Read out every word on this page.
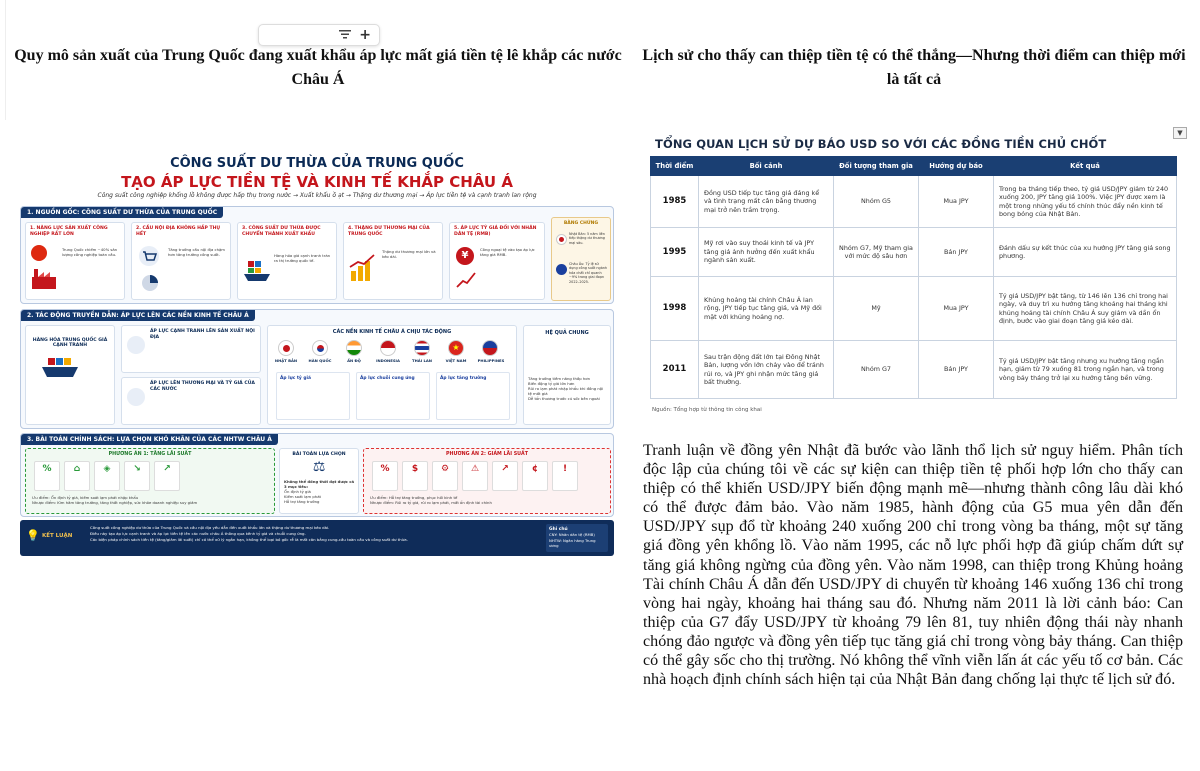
+
Quy mô sản xuất của Trung Quốc đang xuất khẩu áp lực mất giá tiền tệ lê khắp các nước Châu Á
Lịch sử cho thấy can thiệp tiền tệ có thể thắng—Nhưng thời điểm can thiệp mới là tất cả
CÔNG SUẤT DƯ THỪA CỦA TRUNG QUỐC
TẠO ÁP LỰC TIỀN TỆ VÀ KINH TẾ KHẮP CHÂU Á
Công suất công nghiệp khổng lồ không được hấp thụ trong nước → Xuất khẩu ồ ạt → Thặng dư thương mại → Áp lực tiền tệ và cạnh tranh lan rộng
1. NGUỒN GỐC: CÔNG SUẤT DƯ THỪA CỦA TRUNG QUỐC
1. NĂNG LỰC SẢN XUẤT CÔNG NGHIỆP RẤT LỚN
Trung Quốc chiếm ~40% sản lượng công nghiệp toàn cầu.
2. CẦU NỘI ĐỊA KHÔNG HẤP THỤ HẾT
Tăng trưởng cầu nội địa chậm hơn tăng trưởng công suất.
3. CÔNG SUẤT DƯ THỪA ĐƯỢC CHUYỂN THÀNH XUẤT KHẨU
Hàng hóa giá cạnh tranh tràn ra thị trường quốc tế.
4. THẶNG DƯ THƯƠNG MẠI CỦA TRUNG QUỐC
Thặng dư thương mại lớn và kéo dài.
5. ÁP LỰC TỶ GIÁ ĐỐI VỚI NHÂN DÂN TỆ (RMB)
¥
Công ngoại tệ vào tạo áp lực tăng giá RMB.
BẰNG CHỨNG
Nhật Bản: 5 năm liên tiếp thặng dư thương mại sâu.
Châu Âu: Tỷ lệ sử dụng công suất ngành hóa chất chỉ quanh ~9% trong giai đoạn 2022–2025.
2. TÁC ĐỘNG TRUYỀN DẪN: ÁP LỰC LÊN CÁC NỀN KINH TẾ CHÂU Á
HÀNG HÓA TRUNG QUỐC GIÁ CẠNH TRANH
ÁP LỰC CẠNH TRANH LÊN SẢN XUẤT NỘI ĐỊA
ÁP LỰC LÊN THƯƠNG MẠI VÀ TỶ GIÁ CỦA CÁC NƯỚC
CÁC NỀN KINH TẾ CHÂU Á CHỊU TÁC ĐỘNG
★
NHẬT BẢN	HÀN QUỐC	ẤN ĐỘ	INDONESIA	THÁI LAN	VIỆT NAM	PHILIPPINES
Áp lực tỷ giá	Áp lực chuỗi cung ứng	Áp lực tăng trưởng
HỆ QUẢ CHUNG
Tăng trưởng tiềm năng thấp hơn
Biến động tỷ giá lớn hơn
Rủi ro lạm phát nhập khẩu khi đồng nội tệ mất giá
Dễ tổn thương trước cú sốc bên ngoài
3. BÀI TOÁN CHÍNH SÁCH: LỰA CHỌN KHÓ KHĂN CỦA CÁC NHTW CHÂU Á
PHƯƠNG ÁN 1: TĂNG LÃI SUẤT
%	⌂	◈	↘	↗
Ưu điểm: Ổn định tỷ giá, kiềm soát lạm phát nhập khẩu
Nhược điểm: Kìm hãm tăng trưởng, tăng thất nghiệp, sức khỏe doanh nghiệp suy giảm
BÀI TOÁN LỰA CHỌN
⚖
Không thể đồng thời đạt được cả 3 mục tiêu:
Ổn định tỷ giá
Kiềm soát lạm phát
Hỗ trợ tăng trưởng
PHƯƠNG ÁN 2: GIẢM LÃI SUẤT
%	$	⚙	⚠	↗	¢	!
Ưu điểm: Hỗ trợ tăng trưởng, phục hồi kinh tế
Nhược điểm: Rủi ro tỷ giá, rủi ro lạm phát, mất ổn định tài chính
💡 KẾT LUẬN
Công suất công nghiệp dư thừa của Trung Quốc và cầu nội địa yếu dẫn đến xuất khẩu lớn và thặng dư thương mại kéo dài.
Điều này tạo áp lực cạnh tranh và áp lực tiền tệ lên các nước châu Á thông qua kênh tỷ giá và chuỗi cung ứng.
Các biện pháp chính sách tiền tệ (tăng/giảm lãi suất) chỉ có thể xử lý ngắn hạn, không thể loại bỏ gốc rễ là mất cân bằng cung-cầu toàn cầu và công suất dư thừa.
Ghi chú
CNY: Nhân dân tệ (RMB)
NHTW: Ngân hàng Trung ương
TỔNG QUAN LỊCH SỬ DỰ BÁO USD SO VỚI CÁC ĐỒNG TIỀN CHỦ CHỐT
▼
Thời điểm	Bối cảnh	Đối tượng tham gia	Hướng dự báo	Kết quả
1985	Đồng USD tiếp tục tăng giá đáng kể và tình trạng mất cân bằng thương mại trở nên trầm trọng.	Nhóm G5	Mua JPY	Trong ba tháng tiếp theo, tỷ giá USD/JPY giảm từ 240 xuống 200, JPY tăng giá 100%. Việc JPY được xem là một trong những yếu tố chính thúc đẩy nền kinh tế bong bóng của Nhật Bản.
1995	Mỹ rơi vào suy thoái kinh tế và JPY tăng giá ảnh hưởng đến xuất khẩu ngành sản xuất.	Nhóm G7, Mỹ tham gia với mức độ sâu hơn	Bán JPY	Đánh dấu sự kết thúc của xu hướng JPY tăng giá song phương.
1998	Khủng hoảng tài chính Châu Á lan rộng, JPY tiếp tục tăng giá, và Mỹ đối mặt với khủng hoảng nợ.	Mỹ	Mua JPY	Tỷ giá USD/JPY bật tăng, từ 146 lên 136 chỉ trong hai ngày, và duy trì xu hướng tăng khoảng hai tháng khi khủng hoảng tài chính Châu Á suy giảm và dần ổn định, bước vào giai đoạn tăng giá kéo dài.
2011	Sau trận động đất lớn tại Đông Nhật Bản, lượng vốn lớn chảy vào để tránh rủi ro, và JPY ghi nhận mức tăng giá bất thường.	Nhóm G7	Bán JPY	Tỷ giá USD/JPY bật tăng nhưng xu hướng tăng ngắn hạn, giảm từ 79 xuống 81 trong ngắn hạn, và trong vòng bảy tháng trở lại xu hướng tăng bền vững.
Nguồn: Tổng hợp từ thông tin công khai
Tranh luận về đồng yên Nhật đã bước vào lãnh thổ lịch sử nguy hiểm. Phân tích độc lập của chúng tôi về các sự kiện can thiệp tiền tệ phối hợp lớn cho thấy can thiệp có thể khiến USD/JPY biến động mạnh mẽ—nhưng thành công lâu dài khó có thể được đảm bảo. Vào năm 1985, hành động của G5 mua yên dẫn đến USD/JPY sụp đổ từ khoảng 240 xuống 200 chỉ trong vòng ba tháng, một sự tăng giá đồng yên khổng lồ. Vào năm 1995, các nỗ lực phối hợp đã giúp chấm dứt sự tăng giá không ngừng của đồng yên. Vào năm 1998, can thiệp trong Khủng hoảng Tài chính Châu Á dẫn đến USD/JPY di chuyển từ khoảng 146 xuống 136 chỉ trong vòng hai ngày, khoảng hai tháng sau đó. Nhưng năm 2011 là lời cảnh báo: Can thiệp của G7 đẩy USD/JPY từ khoảng 79 lên 81, tuy nhiên động thái này nhanh chóng đảo ngược và đồng yên tiếp tục tăng giá chỉ trong vòng bảy tháng. Can thiệp có thể gây sốc cho thị trường. Nó không thể vĩnh viễn lấn át các yếu tố cơ bản. Các nhà hoạch định chính sách hiện tại của Nhật Bản đang chống lại thực tế lịch sử đó.
